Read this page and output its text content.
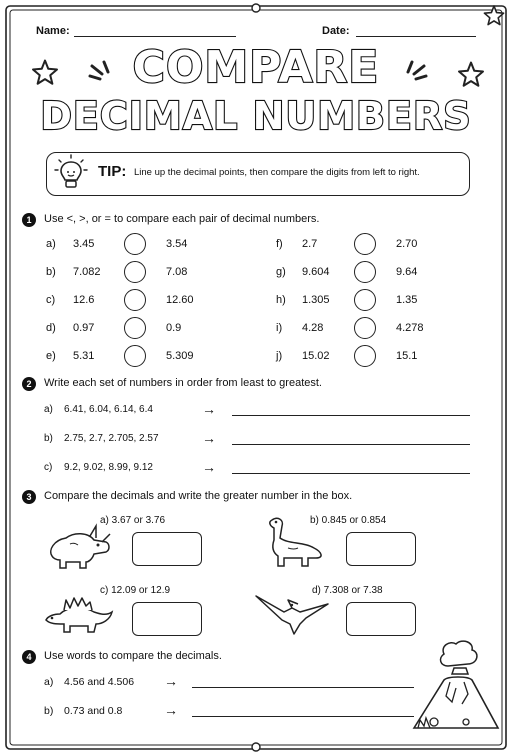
Name:	Date:
COMPARE
DECIMAL NUMBERS
TIP: Line up the decimal points, then compare the digits from left to right.
1	Use <, >, or = to compare each pair of decimal numbers.
a) 3.45	3.54
b) 7.082	7.08
c) 12.6	12.60
d) 0.97	0.9
e) 5.31	5.309
f) 2.7	2.70
g) 9.604	9.64
h) 1.305	1.35
i) 4.28	4.278
j) 15.02	15.1
2	Write each set of numbers in order from least to greatest.
a) 6.41, 6.04, 6.14, 6.4	→
b) 2.75, 2.7, 2.705, 2.57	→
c) 9.2, 9.02, 8.99, 9.12	→
3	Compare the decimals and write the greater number in the box.
a) 3.67 or 3.76	b) 0.845 or 0.854
c) 12.09 or 12.9	d) 7.308 or 7.38
4	Use words to compare the decimals.
a) 4.56 and 4.506 →
b) 0.73 and 0.8	→
